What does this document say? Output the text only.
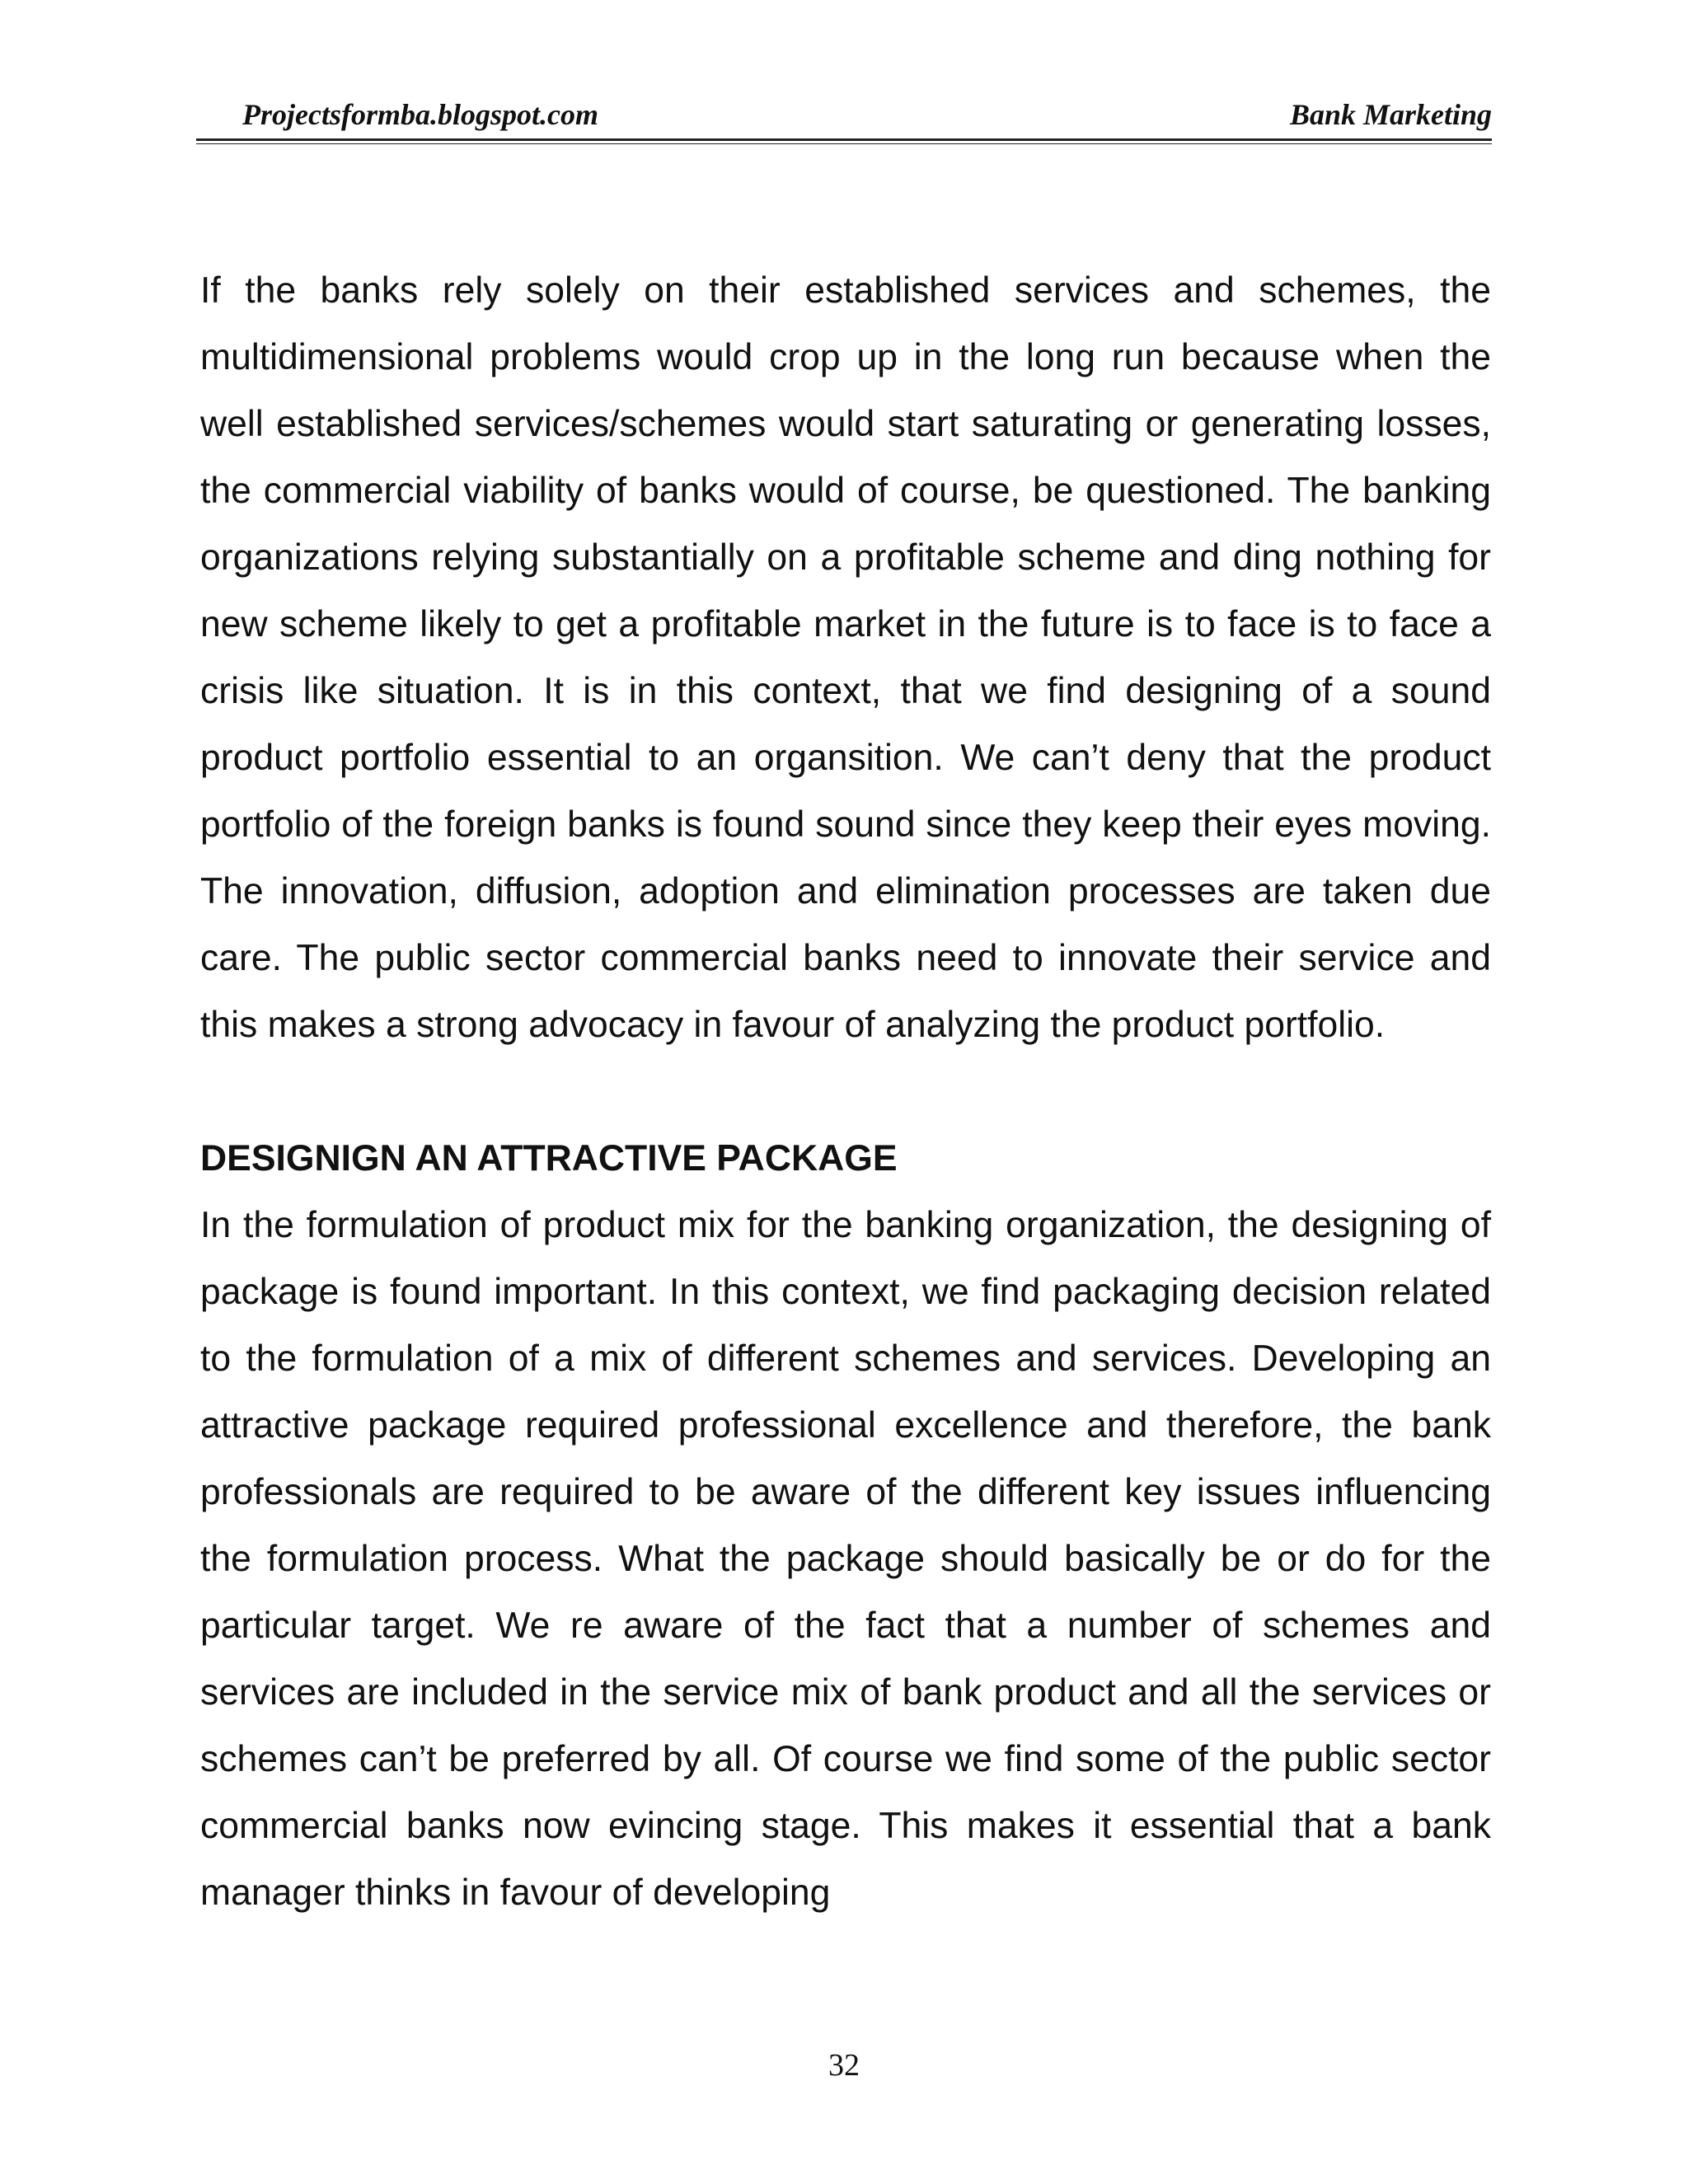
Projectsformba.blogspot.com	Bank Marketing

If the banks rely solely on their established services and schemes, the multidimensional problems would crop up in the long run because when the well established services/schemes would start saturating or generating losses, the commercial viability of banks would of course, be questioned. The banking organizations relying substantially on a profitable scheme and ding nothing for new scheme likely to get a profitable market in the future is to face is to face a crisis like situation. It is in this context, that we find designing of a sound product portfolio essential to an organsition. We can’t deny that the product portfolio of the foreign banks is found sound since they keep their eyes moving. The innovation, diffusion, adoption and elimination processes are taken due care. The public sector commercial banks need to innovate their service and this makes a strong advocacy in favour of analyzing the product portfolio.

DESIGNIGN AN ATTRACTIVE PACKAGE

In the formulation of product mix for the banking organization, the designing of package is found important. In this context, we find packaging decision related to the formulation of a mix of different schemes and services. Developing an attractive package required professional excellence and therefore, the bank professionals are required to be aware of the different key issues influencing the formulation process. What the package should basically be or do for the particular target. We re aware of the fact that a number of schemes and services are included in the service mix of bank product and all the services or schemes can’t be preferred by all. Of course we find some of the public sector commercial banks now evincing stage. This makes it essential that a bank manager thinks in favour of developing

32
